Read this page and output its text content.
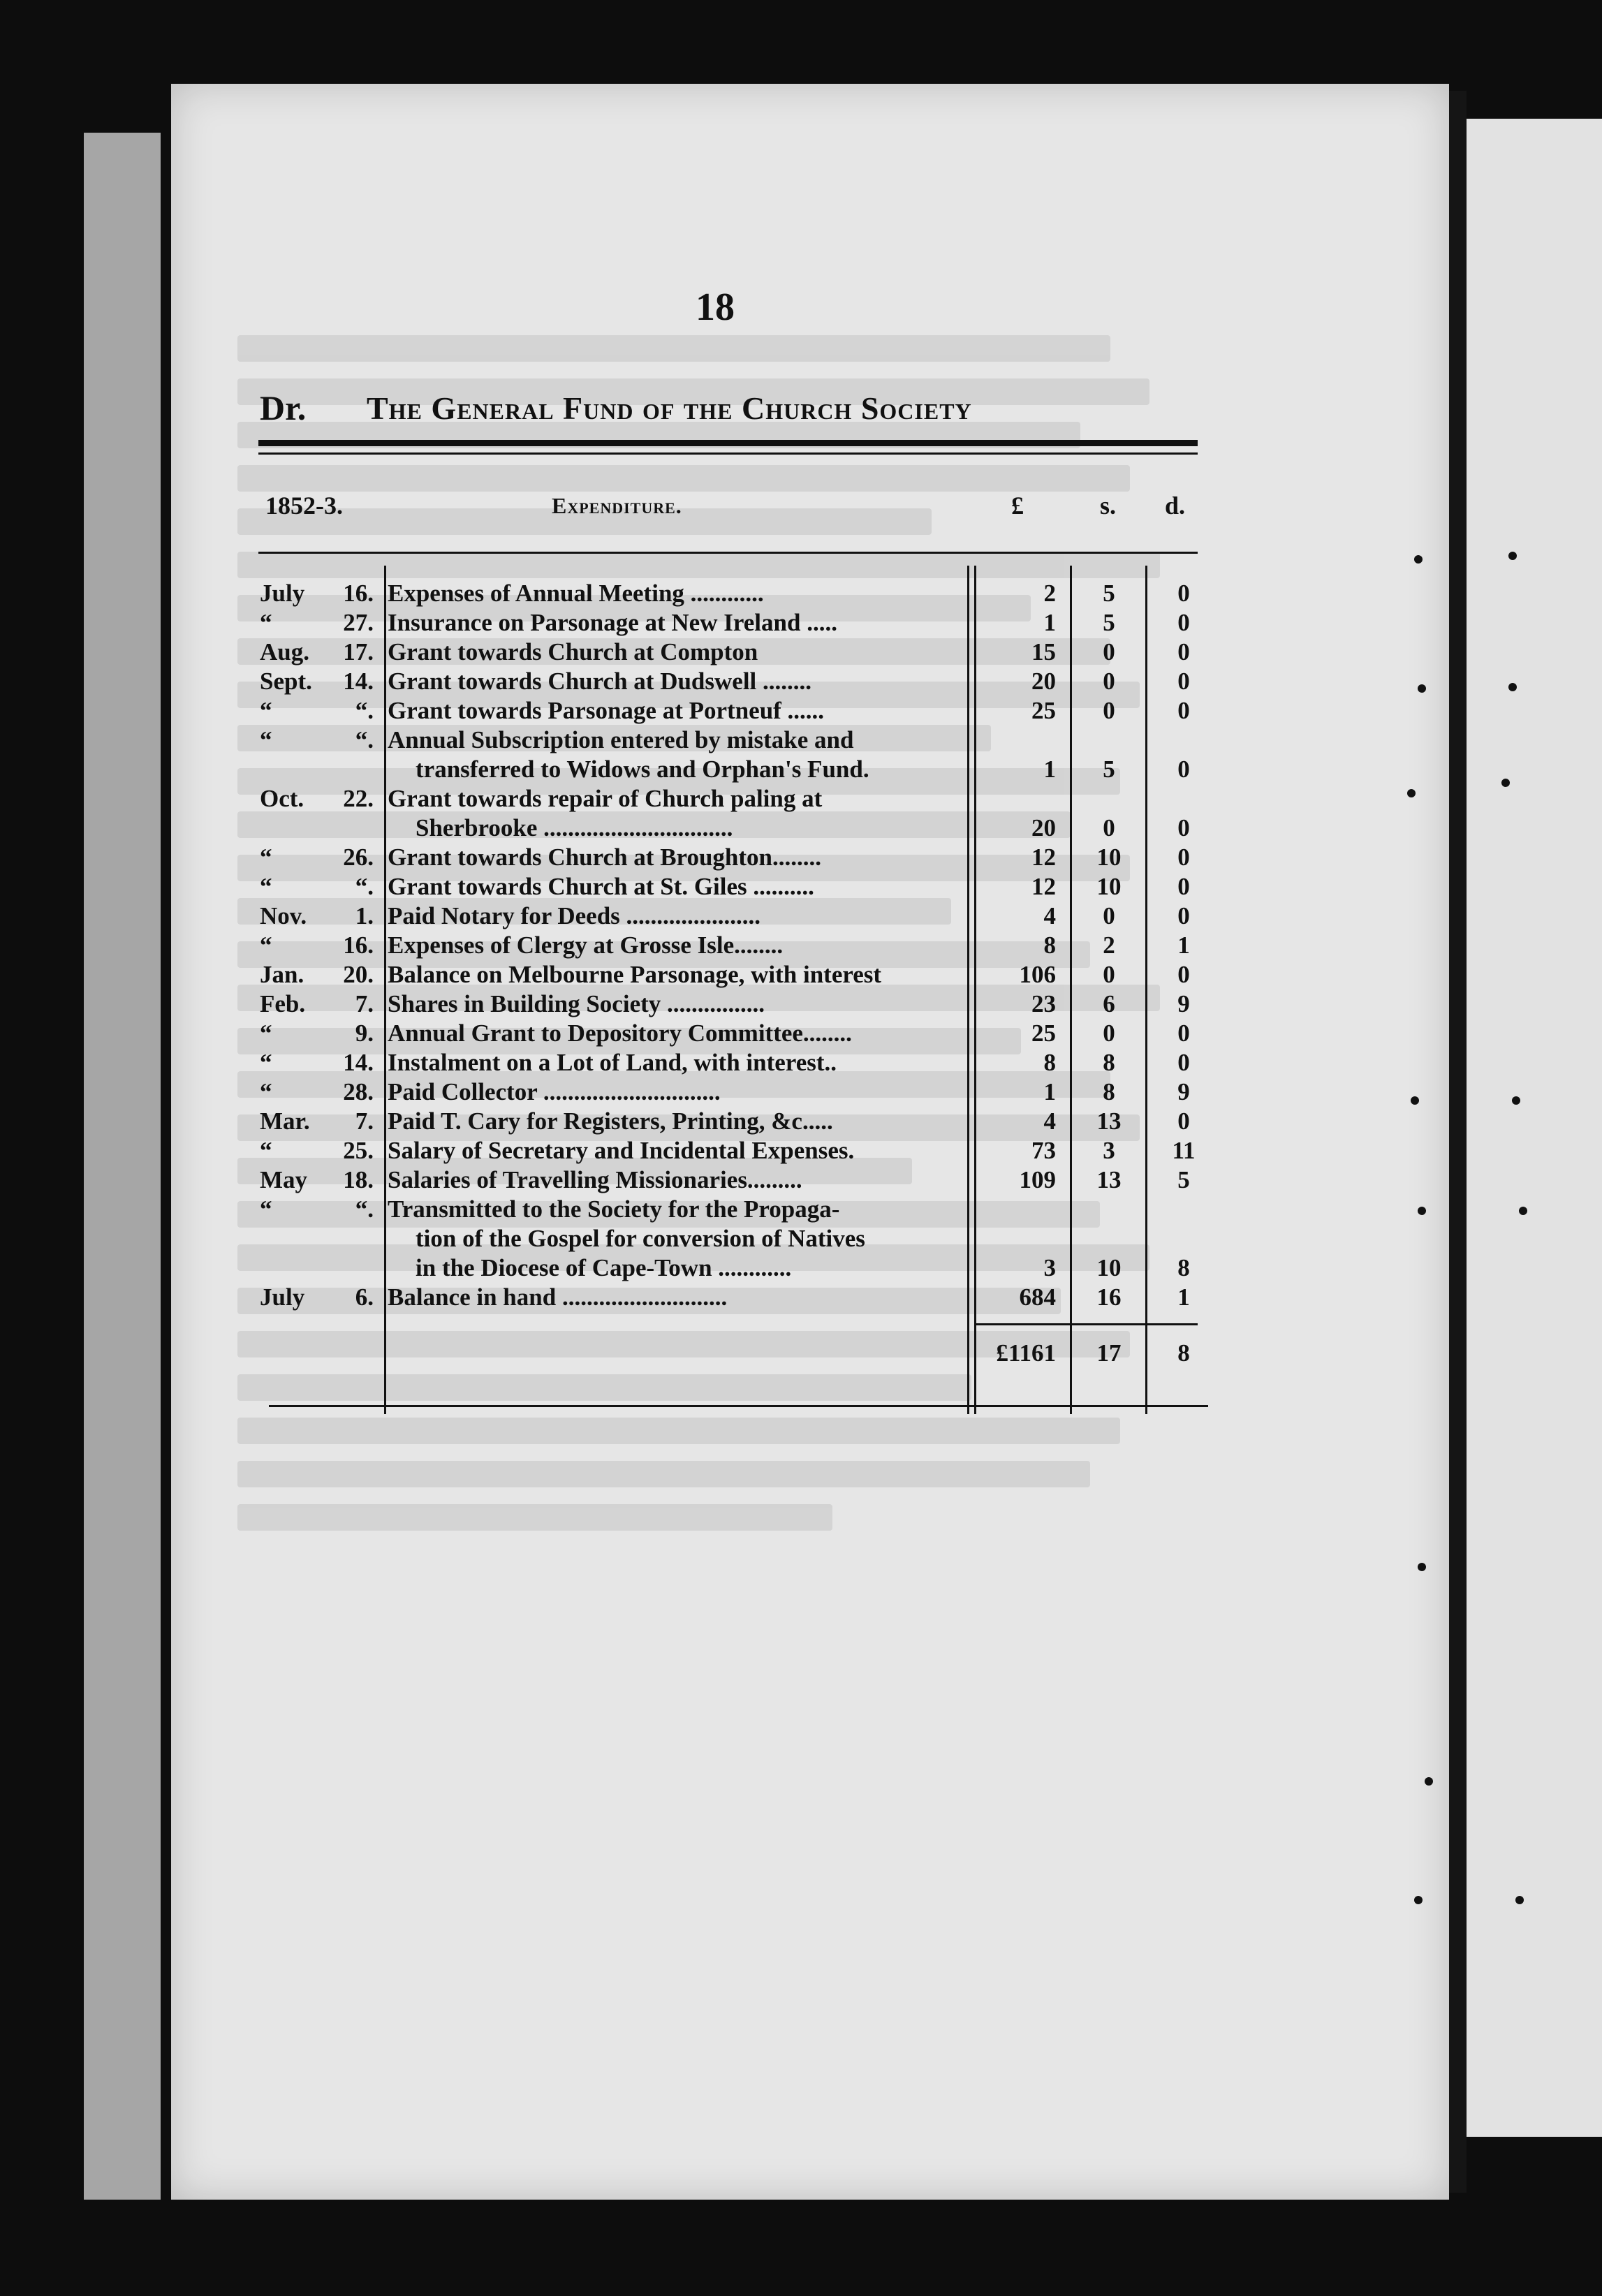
18
Dr. The General Fund of the Church Society
1852-3.	Expenditure.	£	s. d.
July	16. Expenses of Annual Meeting ............	2	5	0
“	27. Insurance on Parsonage at New Ireland .....	1	5	0
Aug.	17. Grant towards Church at Compton	15	0	0
Sept.	14. Grant towards Church at Dudswell ........	20	0	0
“	“. Grant towards Parsonage at Portneuf ......	25	0	0
“	“. Annual Subscription entered by mistake and
transferred to Widows and Orphan's Fund.	1	5	0
Oct.	22. Grant towards repair of Church paling at
Sherbrooke ...............................	20	0	0
“	26. Grant towards Church at Broughton........	12	10	0
“	“. Grant towards Church at St. Giles ..........	12	10	0
Nov.	1. Paid Notary for Deeds ......................	4	0	0
“	16. Expenses of Clergy at Grosse Isle........	8	2	1
Jan.	20. Balance on Melbourne Parsonage, with interest	106	0	0
Feb.	7. Shares in Building Society ................	23	6	9
“	9. Annual Grant to Depository Committee........	25	0	0
“	14. Instalment on a Lot of Land, with interest..	8	8	0
“	28. Paid Collector .............................	1	8	9
Mar.	7. Paid T. Cary for Registers, Printing, &c.....	4	13	0
“	25. Salary of Secretary and Incidental Expenses.	73	3	11
May	18. Salaries of Travelling Missionaries.........	109	13	5
“	“. Transmitted to the Society for the Propaga-
tion of the Gospel for conversion of Natives
in the Diocese of Cape-Town ............	3	10	8
July	6. Balance in hand ...........................	684	16	1
£1161	17	8
